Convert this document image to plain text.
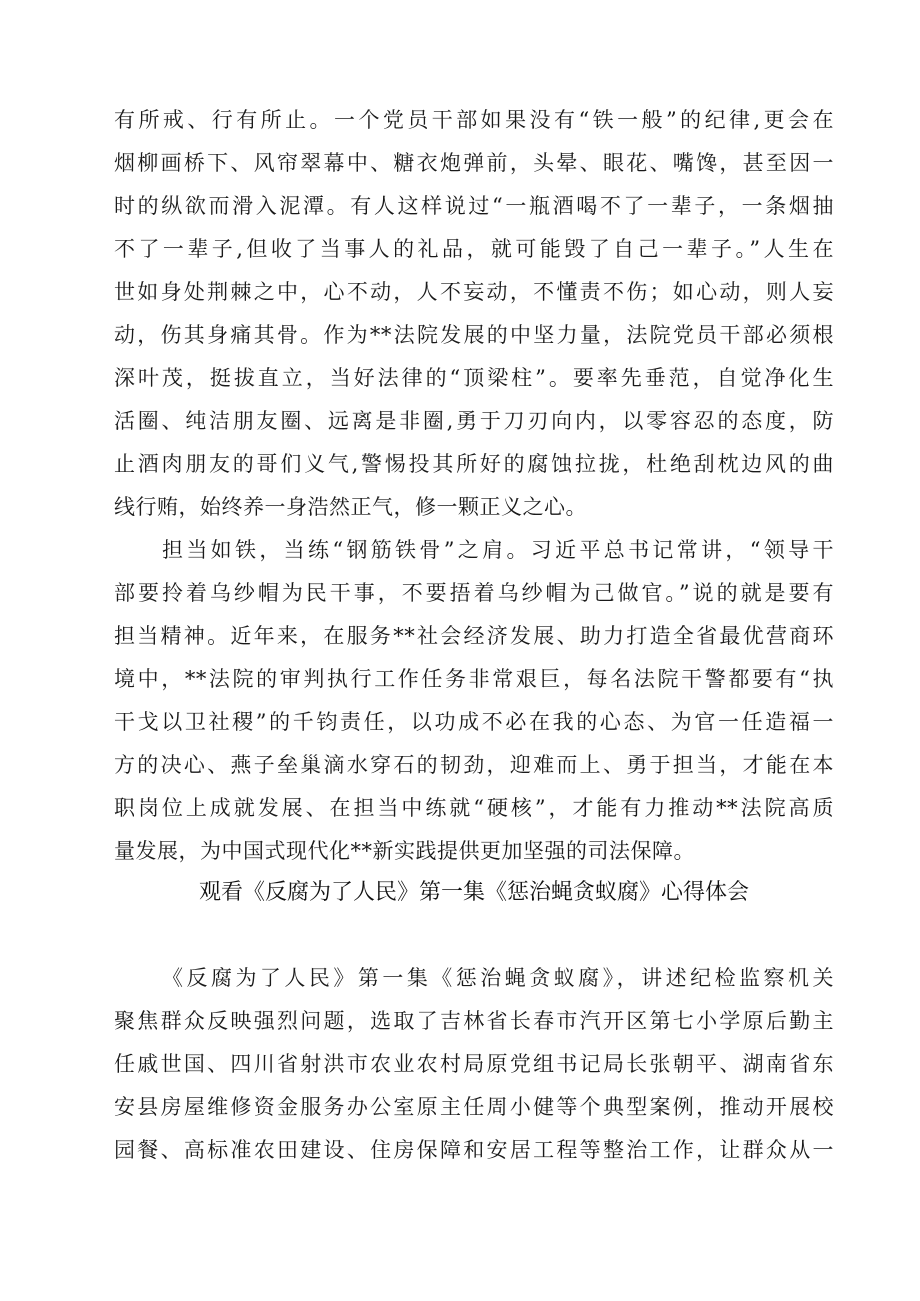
有所戒、行有所止。一个党员干部如果没有“铁一般”的纪律,更会在
烟柳画桥下、风帘翠幕中、糖衣炮弹前，头晕、眼花、嘴馋，甚至因一
时的纵欲而滑入泥潭。有人这样说过“一瓶酒喝不了一辈子，一条烟抽
不了一辈子,但收了当事人的礼品，就可能毁了自己一辈子。”人生在
世如身处荆棘之中，心不动，人不妄动，不懂责不伤；如心动，则人妄
动，伤其身痛其骨。作为**法院发展的中坚力量，法院党员干部必须根
深叶茂，挺拔直立，当好法律的“顶梁柱”。要率先垂范，自觉净化生
活圈、纯洁朋友圈、远离是非圈,勇于刀刃向内，以零容忍的态度，防
止酒肉朋友的哥们义气,警惕投其所好的腐蚀拉拢，杜绝刮枕边风的曲
线行贿，始终养一身浩然正气，修一颗正义之心。
担当如铁，当练“钢筋铁骨”之肩。习近平总书记常讲，“领导干
部要拎着乌纱帽为民干事，不要捂着乌纱帽为己做官。”说的就是要有
担当精神。近年来，在服务**社会经济发展、助力打造全省最优营商环
境中，**法院的审判执行工作任务非常艰巨，每名法院干警都要有“执
干戈以卫社稷”的千钧责任，以功成不必在我的心态、为官一任造福一
方的决心、燕子垒巢滴水穿石的韧劲，迎难而上、勇于担当，才能在本
职岗位上成就发展、在担当中练就“硬核”，才能有力推动**法院高质
量发展，为中国式现代化**新实践提供更加坚强的司法保障。
观看《反腐为了人民》第一集《惩治蝇贪蚁腐》心得体会
《反腐为了人民》第一集《惩治蝇贪蚁腐》，讲述纪检监察机关
聚焦群众反映强烈问题，选取了吉林省长春市汽开区第七小学原后勤主
任戚世国、四川省射洪市农业农村局原党组书记局长张朝平、湖南省东
安县房屋维修资金服务办公室原主任周小健等个典型案例，推动开展校
园餐、高标准农田建设、住房保障和安居工程等整治工作，让群众从一
